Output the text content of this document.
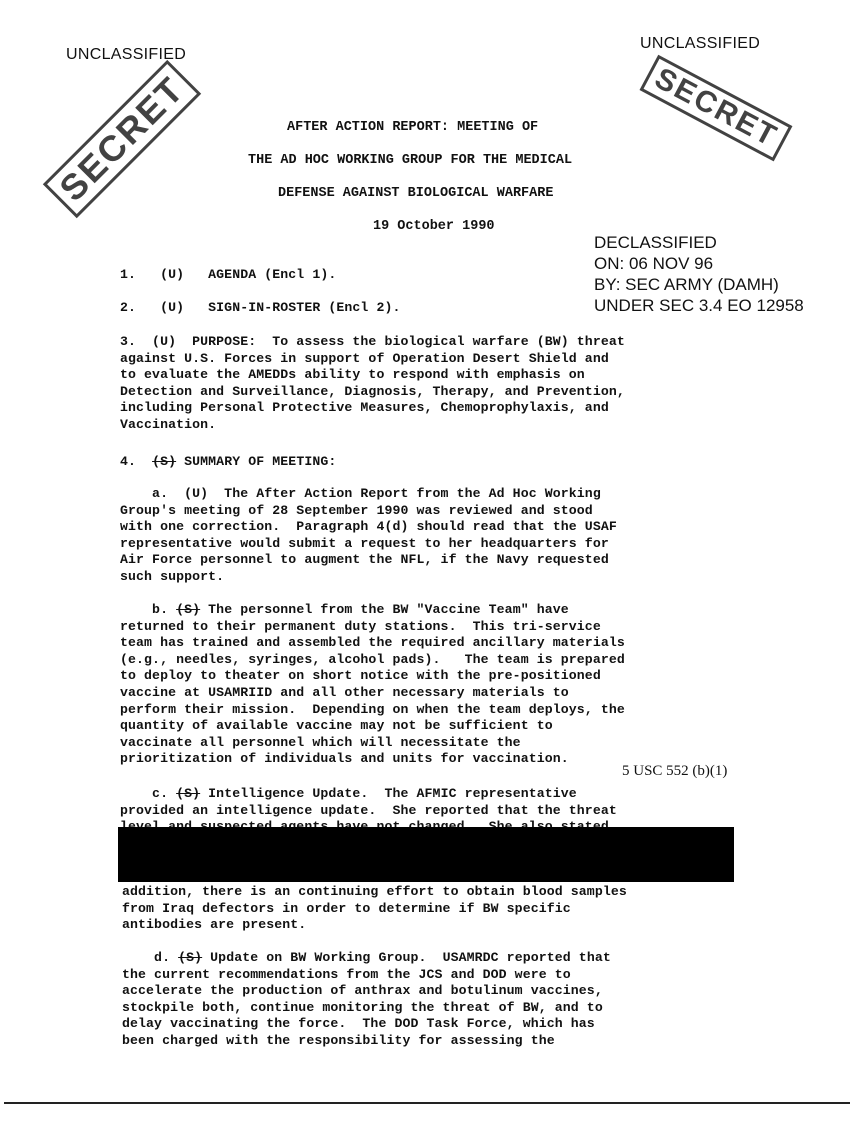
UNCLASSIFIED
UNCLASSIFIED
SECRET	SECRET
AFTER ACTION REPORT: MEETING OF
THE AD HOC WORKING GROUP FOR THE MEDICAL
DEFENSE AGAINST BIOLOGICAL WARFARE
19 October 1990
DECLASSIFIED
ON: 06 NOV 96
BY: SEC ARMY (DAMH)
UNDER SEC 3.4 EO 12958
1.   (U)   AGENDA (Encl 1).
2.   (U)   SIGN-IN-ROSTER (Encl 2).
3.  (U)  PURPOSE:  To assess the biological warfare (BW) threat
against U.S. Forces in support of Operation Desert Shield and
to evaluate the AMEDDs ability to respond with emphasis on
Detection and Surveillance, Diagnosis, Therapy, and Prevention,
including Personal Protective Measures, Chemoprophylaxis, and
Vaccination.
4.  (S) SUMMARY OF MEETING:
a.  (U)  The After Action Report from the Ad Hoc Working
Group's meeting of 28 September 1990 was reviewed and stood
with one correction.  Paragraph 4(d) should read that the USAF
representative would submit a request to her headquarters for
Air Force personnel to augment the NFL, if the Navy requested
such support.
b. (S) The personnel from the BW "Vaccine Team" have
returned to their permanent duty stations.  This tri-service
team has trained and assembled the required ancillary materials
(e.g., needles, syringes, alcohol pads).   The team is prepared
to deploy to theater on short notice with the pre-positioned
vaccine at USAMRIID and all other necessary materials to
perform their mission.  Depending on when the team deploys, the
quantity of available vaccine may not be sufficient to
vaccinate all personnel which will necessitate the
prioritization of individuals and units for vaccination.
5 USC 552 (b)(1)
c. (S) Intelligence Update.  The AFMIC representative
provided an intelligence update.  She reported that the threat
addition, there is an continuing effort to obtain blood samples
from Iraq defectors in order to determine if BW specific
antibodies are present.
d. (S) Update on BW Working Group.  USAMRDC reported that
the current recommendations from the JCS and DOD were to
accelerate the production of anthrax and botulinum vaccines,
stockpile both, continue monitoring the threat of BW, and to
delay vaccinating the force.  The DOD Task Force, which has
been charged with the responsibility for assessing the
